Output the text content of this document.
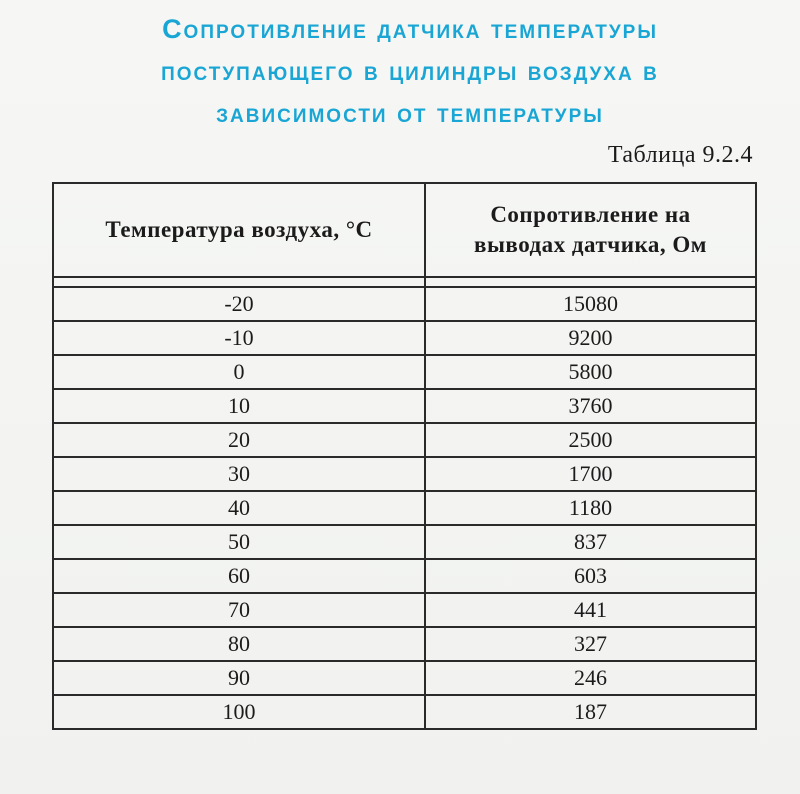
Сопротивление датчика температуры
поступающего в цилиндры воздуха в
зависимости от температуры
Таблица 9.2.4
Температура воздуха, °С	Сопротивление на
выводах датчика, Ом

-20	15080
-10	9200
0	5800
10	3760
20	2500
30	1700
40	1180
50	837
60	603
70	441
80	327
90	246
100	187
